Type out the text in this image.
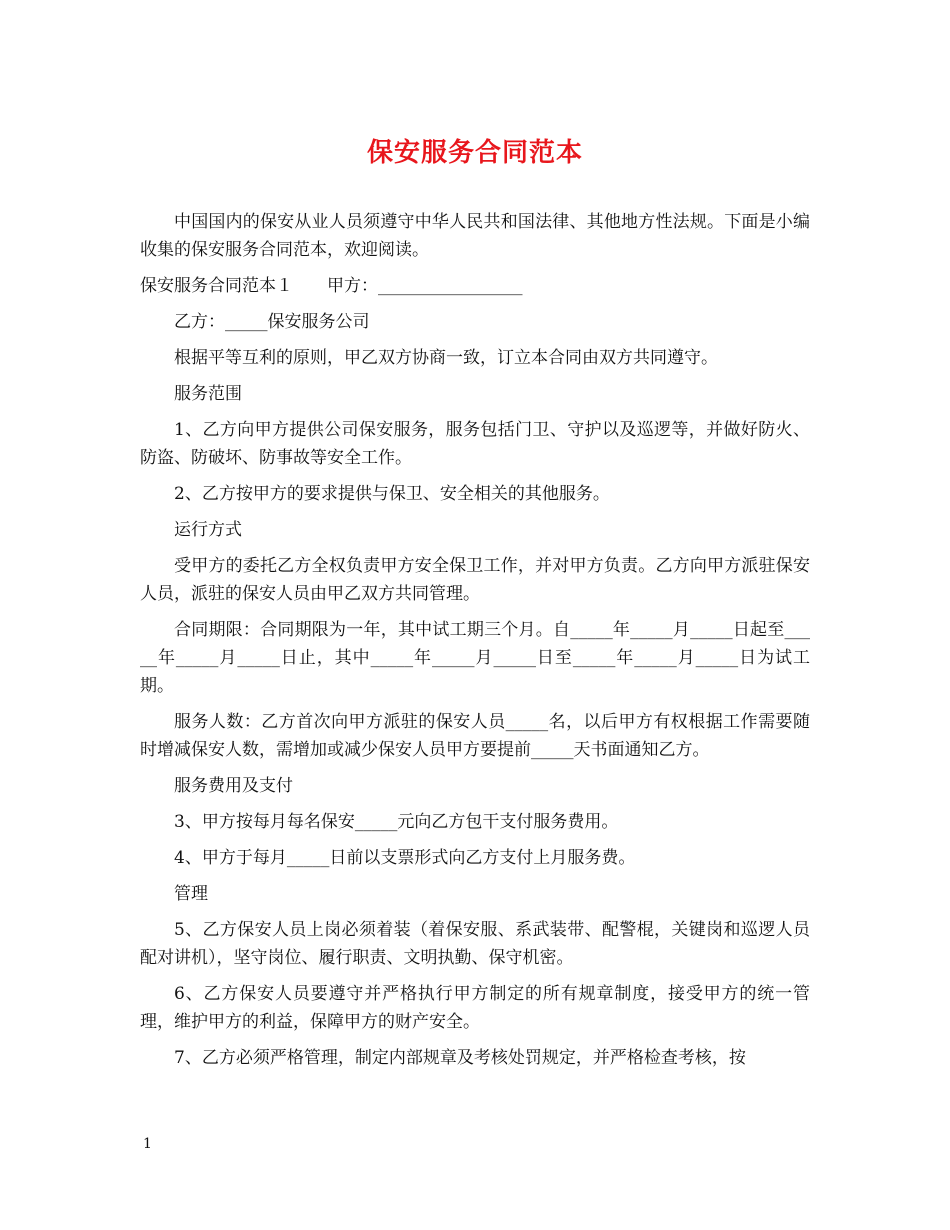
保安服务合同范本

中国国内的保安从业人员须遵守中华人民共和国法律、其他地方性法规。下面是小编收集的保安服务合同范本，欢迎阅读。

保安服务合同范本１　　甲方：_________________

乙方：_____保安服务公司

根据平等互利的原则，甲乙双方协商一致，订立本合同由双方共同遵守。

服务范围

1、乙方向甲方提供公司保安服务，服务包括门卫、守护以及巡逻等，并做好防火、防盗、防破坏、防事故等安全工作。

2、乙方按甲方的要求提供与保卫、安全相关的其他服务。

运行方式

受甲方的委托乙方全权负责甲方安全保卫工作，并对甲方负责。乙方向甲方派驻保安人员，派驻的保安人员由甲乙双方共同管理。

合同期限：合同期限为一年，其中试工期三个月。自_____年_____月_____日起至_____年_____月_____日止，其中_____年_____月_____日至_____年_____月_____日为试工期。

服务人数：乙方首次向甲方派驻的保安人员_____名，以后甲方有权根据工作需要随时增减保安人数，需增加或减少保安人员甲方要提前_____天书面通知乙方。

服务费用及支付

3、甲方按每月每名保安_____元向乙方包干支付服务费用。

4、甲方于每月_____日前以支票形式向乙方支付上月服务费。

管理

5、乙方保安人员上岗必须着装（着保安服、系武装带、配警棍，关键岗和巡逻人员配对讲机），坚守岗位、履行职责、文明执勤、保守机密。

6、乙方保安人员要遵守并严格执行甲方制定的所有规章制度，接受甲方的统一管理，维护甲方的利益，保障甲方的财产安全。

7、乙方必须严格管理，制定内部规章及考核处罚规定，并严格检查考核，按

1
